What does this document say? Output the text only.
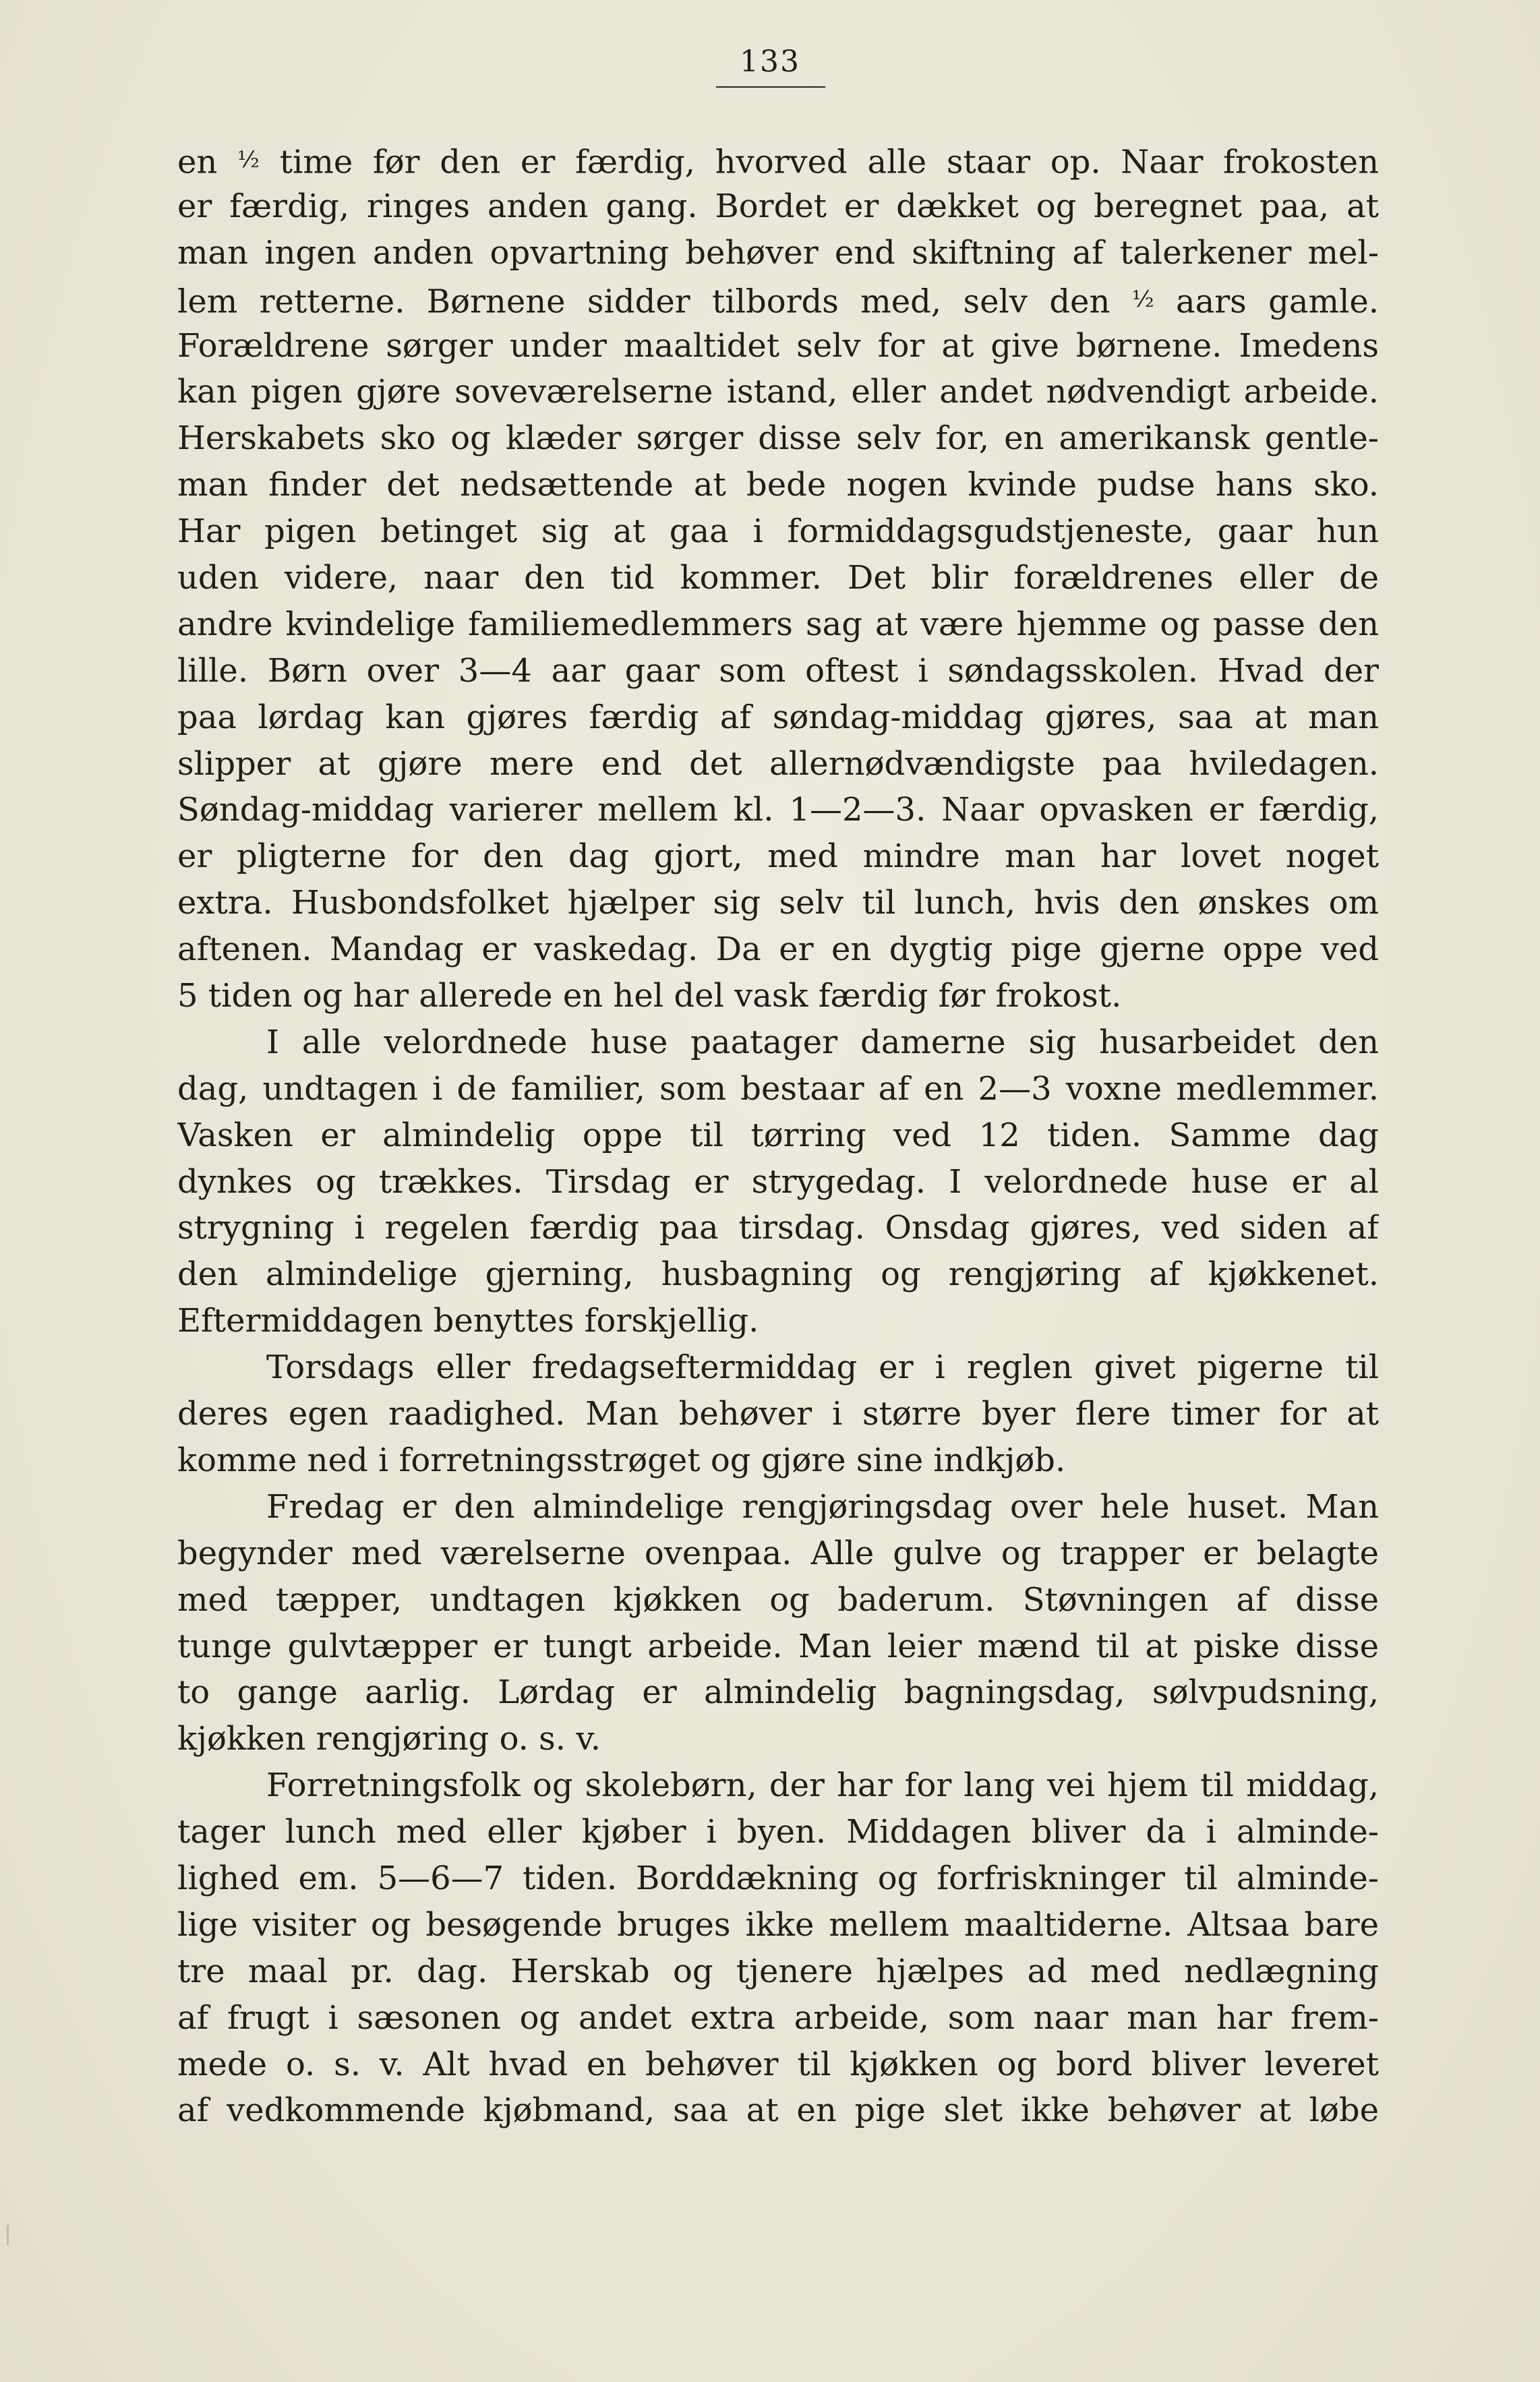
133
en ½ time før den er færdig, hvorved alle staar op. Naar frokosten
er færdig, ringes anden gang. Bordet er dækket og beregnet paa, at
man ingen anden opvartning behøver end skiftning af talerkener mel-
lem retterne. Børnene sidder tilbords med, selv den ½ aars gamle.
Forældrene sørger under maaltidet selv for at give børnene. Imedens
kan pigen gjøre soveværelserne istand, eller andet nødvendigt arbeide.
Herskabets sko og klæder sørger disse selv for, en amerikansk gentle-
man finder det nedsættende at bede nogen kvinde pudse hans sko.
Har pigen betinget sig at gaa i formiddagsgudstjeneste, gaar hun
uden videre, naar den tid kommer. Det blir forældrenes eller de
andre kvindelige familiemedlemmers sag at være hjemme og passe den
lille. Børn over 3—4 aar gaar som oftest i søndagsskolen. Hvad der
paa lørdag kan gjøres færdig af søndag-middag gjøres, saa at man
slipper at gjøre mere end det allernødvændigste paa hviledagen.
Søndag-middag varierer mellem kl. 1—2—3. Naar opvasken er færdig,
er pligterne for den dag gjort, med mindre man har lovet noget
extra. Husbondsfolket hjælper sig selv til lunch, hvis den ønskes om
aftenen. Mandag er vaskedag. Da er en dygtig pige gjerne oppe ved
5 tiden og har allerede en hel del vask færdig før frokost.
I alle velordnede huse paatager damerne sig husarbeidet den
dag, undtagen i de familier, som bestaar af en 2—3 voxne medlemmer.
Vasken er almindelig oppe til tørring ved 12 tiden. Samme dag
dynkes og trækkes. Tirsdag er strygedag. I velordnede huse er al
strygning i regelen færdig paa tirsdag. Onsdag gjøres, ved siden af
den almindelige gjerning, husbagning og rengjøring af kjøkkenet.
Eftermiddagen benyttes forskjellig.
Torsdags eller fredagseftermiddag er i reglen givet pigerne til
deres egen raadighed. Man behøver i større byer flere timer for at
komme ned i forretningsstrøget og gjøre sine indkjøb.
Fredag er den almindelige rengjøringsdag over hele huset. Man
begynder med værelserne ovenpaa. Alle gulve og trapper er belagte
med tæpper, undtagen kjøkken og baderum. Støvningen af disse
tunge gulvtæpper er tungt arbeide. Man leier mænd til at piske disse
to gange aarlig. Lørdag er almindelig bagningsdag, sølvpudsning,
kjøkken rengjøring o. s. v.
Forretningsfolk og skolebørn, der har for lang vei hjem til middag,
tager lunch med eller kjøber i byen. Middagen bliver da i alminde-
lighed em. 5—6—7 tiden. Borddækning og forfriskninger til alminde-
lige visiter og besøgende bruges ikke mellem maaltiderne. Altsaa bare
tre maal pr. dag. Herskab og tjenere hjælpes ad med nedlægning
af frugt i sæsonen og andet extra arbeide, som naar man har frem-
mede o. s. v. Alt hvad en behøver til kjøkken og bord bliver leveret
af vedkommende kjøbmand, saa at en pige slet ikke behøver at løbe
